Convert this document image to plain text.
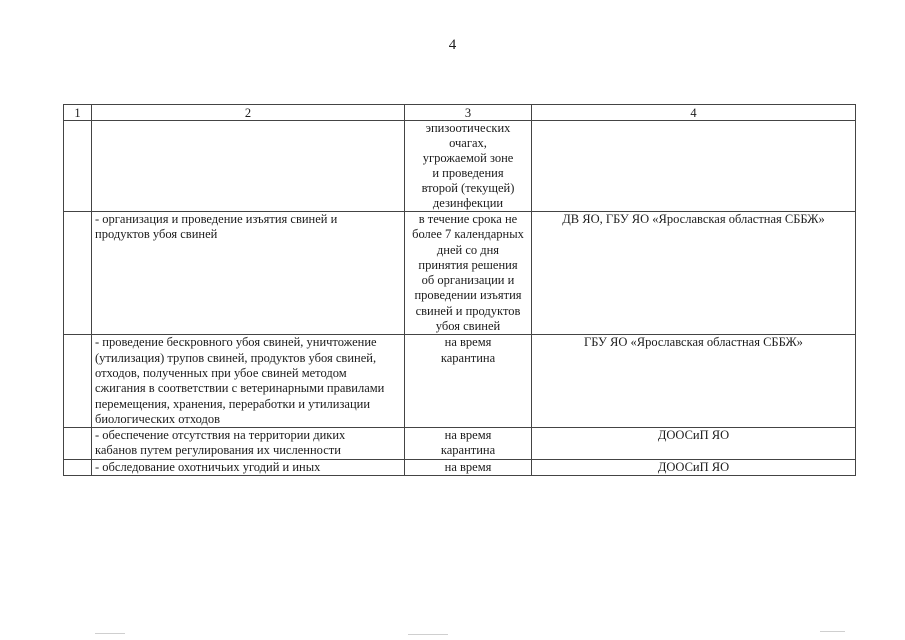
4
1	2	3	4

		эпизоотических очагах, угрожаемой зоне и проведения второй (текущей) дезинфекции	

	- организация и проведение изъятия свиней и продуктов убоя свиней	в течение срока не более 7 календарных дней со дня принятия решения об организации и проведении изъятия свиней и продуктов убоя свиней	ДВ ЯО, ГБУ ЯО «Ярославская областная СББЖ»

	- проведение бескровного убоя свиней, уничтожение (утилизация) трупов свиней, продуктов убоя свиней, отходов, полученных при убое свиней методом сжигания в соответствии с ветеринарными правилами перемещения, хранения, переработки и утилизации биологических отходов	на время карантина	ГБУ ЯО «Ярославская областная СББЖ»

	- обеспечение отсутствия на территории диких кабанов путем регулирования их численности	на время карантина	ДООСиП ЯО
	- обследование охотничьих угодий и иных	на время	ДООСиП ЯО
